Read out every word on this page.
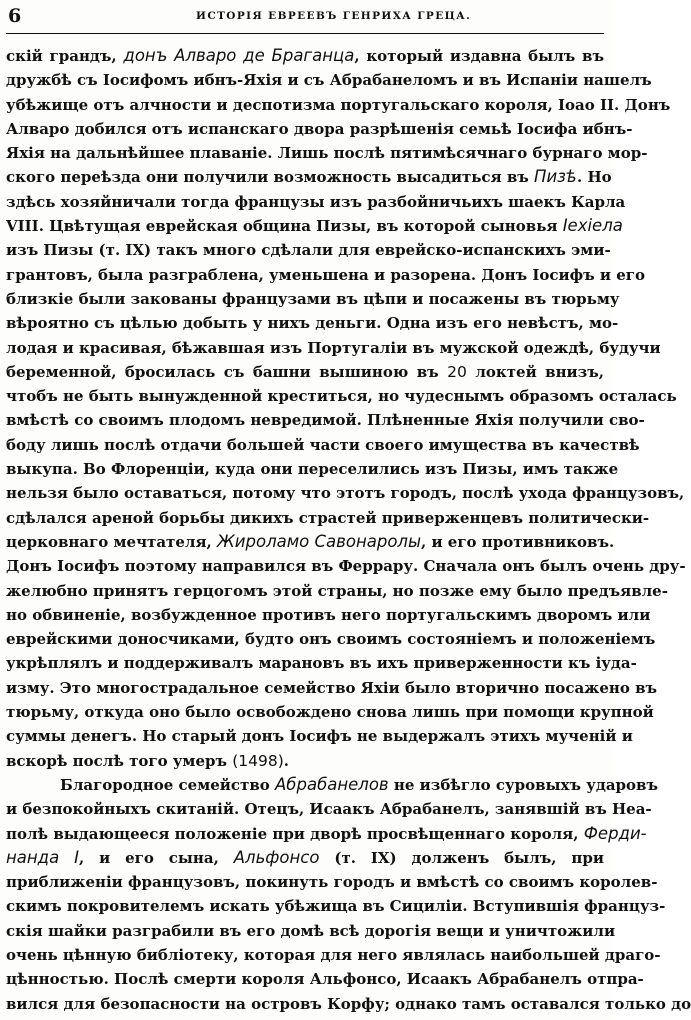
6	ИСТОРІЯ ЕВРЕЕВЪ ГЕНРИХА ГРЕЦА.
скій грандъ, донъ Алваро де Браганца, который издавна былъ въ
дружбѣ съ Іосифомъ ибнъ-Яхія и съ Абрабанеломъ и въ Испаніи нашелъ
убѣжище отъ алчности и деспотизма португальскаго короля, Іоао II. Донъ
Алваро добился отъ испанскаго двора разрѣшенія семьѣ Іосифа ибнъ-
Яхія на дальнѣйшее плаваніе. Лишь послѣ пятимѣсячнаго бурнаго мор-
ского переѣзда они получили возможность высадиться въ Пизѣ. Но
здѣсь хозяйничали тогда французы изъ разбойничьихъ шаекъ Карла
VIII. Цвѣтущая еврейская община Пизы, въ которой сыновья Іехіела
изъ Пизы (т. IX) такъ много сдѣлали для еврейско-испанскихъ эми-
грантовъ, была разграблена, уменьшена и разорена. Донъ Іосифъ и его
близкіе были закованы французами въ цѣпи и посажены въ тюрьму
вѣроятно съ цѣлью добыть у нихъ деньги. Одна изъ его невѣстъ, мо-
лодая и красивая, бѣжавшая изъ Португаліи въ мужской одеждѣ, будучи
беременной, бросилась съ башни вышиною въ 20 локтей внизъ,
чтобъ не быть вынужденной креститься, но чудеснымъ образомъ осталась
вмѣстѣ со своимъ плодомъ невредимой. Плѣненные Яхія получили сво-
боду лишь послѣ отдачи большей части своего имущества въ качествѣ
выкупа. Во Флоренціи, куда они переселились изъ Пизы, имъ также
нельзя было оставаться, потому что этотъ городъ, послѣ ухода французовъ,
сдѣлался ареной борьбы дикихъ страстей приверженцевъ политически-
церковнаго мечтателя, Жироламо Савонаролы, и его противниковъ.
Донъ Іосифъ поэтому направился въ Феррару. Сначала онъ былъ очень дру-
желюбно принятъ герцогомъ этой страны, но позже ему было предъявле-
но обвиненіе, возбужденное противъ него португальскимъ дворомъ или
еврейскими доносчиками, будто онъ своимъ состояніемъ и положеніемъ
укрѣплялъ и поддерживалъ марановъ въ ихъ приверженности къ іуда-
изму. Это многострадальное семейство Яхіи было вторично посажено въ
тюрьму, откуда оно было освобождено снова лишь при помощи крупной
суммы денегъ. Но старый донъ Іосифъ не выдержалъ этихъ мученій и
вскорѣ послѣ того умеръ (1498).
Благородное семейство Абрабанелов не избѣгло суровыхъ ударовъ
и безпокойныхъ скитаній. Отецъ, Исаакъ Абрабанелъ, занявшій въ Неа-
полѣ выдающееся положеніе при дворѣ просвѣщеннаго короля, Ферди-
нанда I, и его сына, Альфонсо (т. IX) долженъ былъ, при
приближеніи французовъ, покинуть городъ и вмѣстѣ со своимъ королев-
скимъ покровителемъ искать убѣжища въ Сициліи. Вступившія француз-
скія шайки разграбили въ его домѣ всѣ дорогія вещи и уничтожили
очень цѣнную библіотеку, которая для него являлась наибольшей драго-
цѣнностью. Послѣ смерти короля Альфонсо, Исаакъ Абрабанелъ отпра-
вился для безопасности на островъ Корфу; однако тамъ оставался только до
